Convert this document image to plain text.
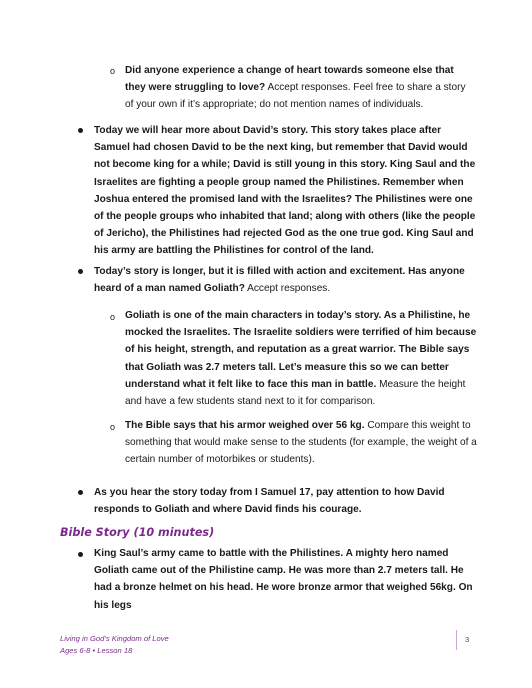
o Did anyone experience a change of heart towards someone else that they were struggling to love? Accept responses. Feel free to share a story of your own if it’s appropriate; do not mention names of individuals.
Today we will hear more about David’s story. This story takes place after Samuel had chosen David to be the next king, but remember that David would not become king for a while; David is still young in this story. King Saul and the Israelites are fighting a people group named the Philistines. Remember when Joshua entered the promised land with the Israelites? The Philistines were one of the people groups who inhabited that land; along with others (like the people of Jericho), the Philistines had rejected God as the one true god. King Saul and his army are battling the Philistines for control of the land.
Today’s story is longer, but it is filled with action and excitement. Has anyone heard of a man named Goliath? Accept responses.
o Goliath is one of the main characters in today’s story. As a Philistine, he mocked the Israelites. The Israelite soldiers were terrified of him because of his height, strength, and reputation as a great warrior. The Bible says that Goliath was 2.7 meters tall. Let’s measure this so we can better understand what it felt like to face this man in battle. Measure the height and have a few students stand next to it for comparison.
o The Bible says that his armor weighed over 56 kg. Compare this weight to something that would make sense to the students (for example, the weight of a certain number of motorbikes or students).
As you hear the story today from I Samuel 17, pay attention to how David responds to Goliath and where David finds his courage.
Bible Story (10 minutes)
King Saul’s army came to battle with the Philistines. A mighty hero named Goliath came out of the Philistine camp. He was more than 2.7 meters tall. He had a bronze helmet on his head. He wore bronze armor that weighed 56kg. On his legs
Living in God’s Kingdom of Love
Ages 6-8 • Lesson 18
3
